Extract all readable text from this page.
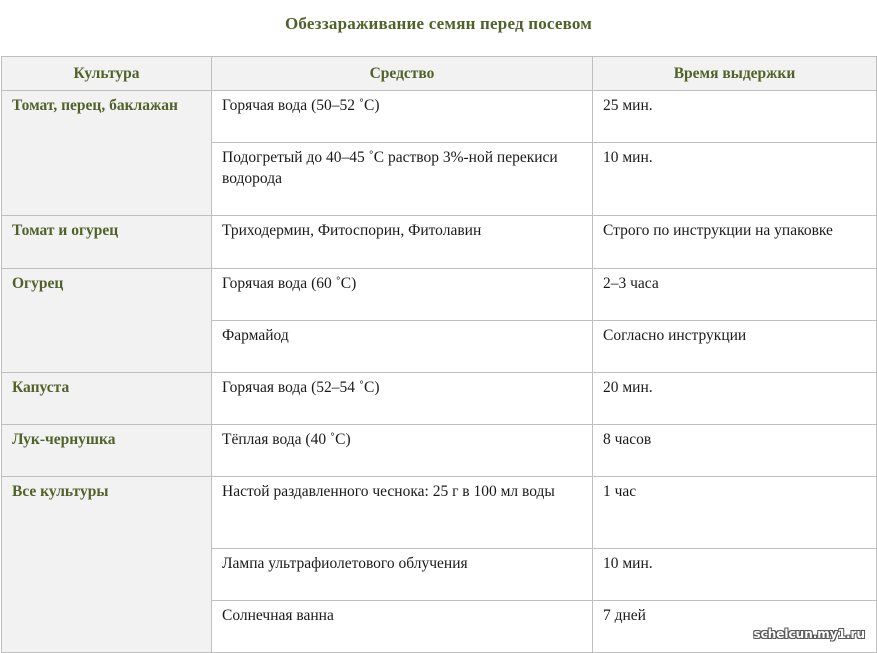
Обеззараживание семян перед посевом
Культура	Средство	Время выдержки
Томат, перец, баклажан	Горячая вода (50–52 ˚С)	25 мин.
	Подогретый до 40–45 ˚С раствор 3%-ной перекиси водорода	10 мин.
Томат и огурец	Триходермин, Фитоспорин, Фитолавин	Строго по инструкции на упаковке
Огурец	Горячая вода (60 ˚С)	2–3 часа
	Фармайод	Согласно инструкции
Капуста	Горячая вода (52–54 ˚С)	20 мин.
Лук-чернушка	Тёплая вода (40 ˚С)	8 часов
Все культуры	Настой раздавленного чеснока: 25 г в 100 мл воды	1 час
	Лампа ультрафиолетового облучения	10 мин.
	Солнечная ванна	7 дней
schelcun.my1.ru
